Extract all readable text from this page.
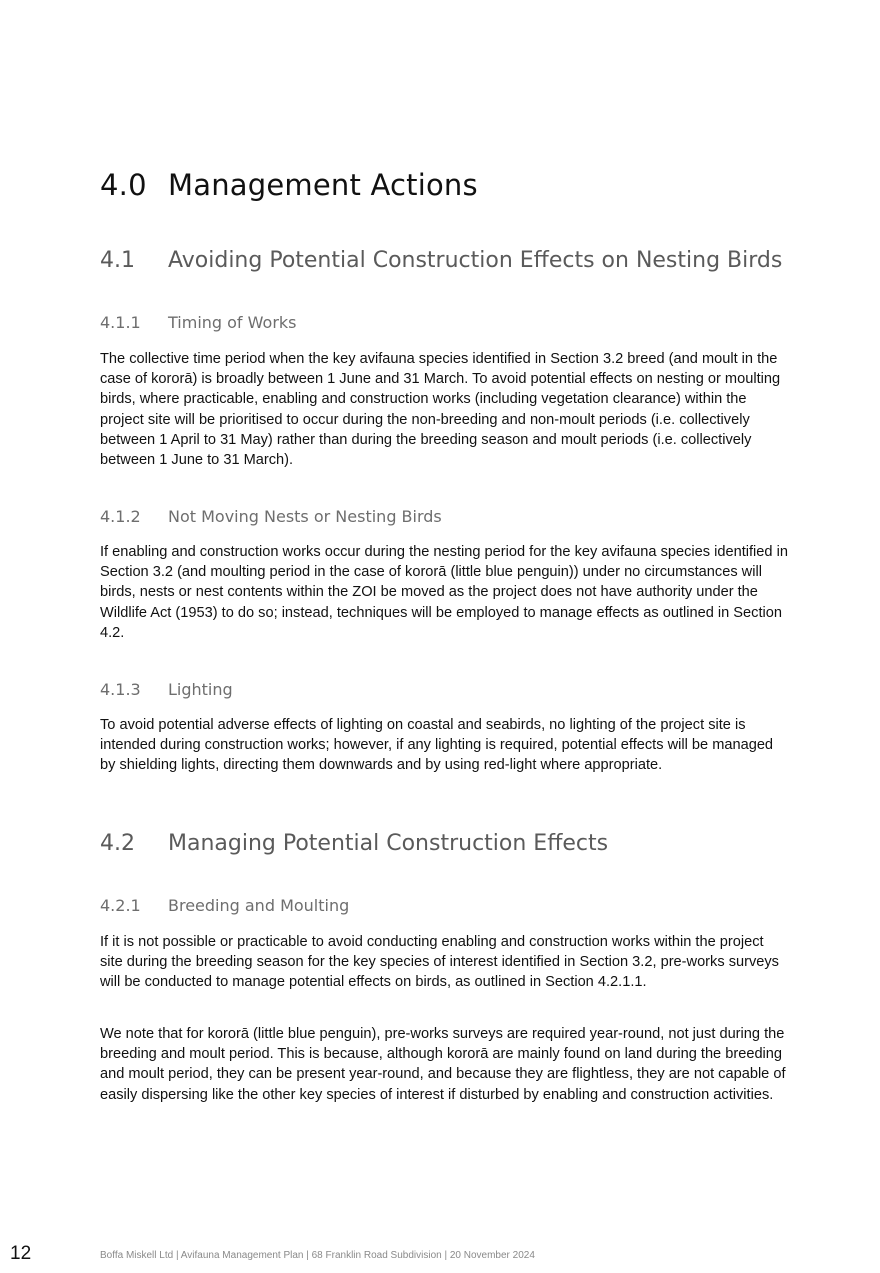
4.0 Management Actions
4.1 Avoiding Potential Construction Effects on Nesting Birds
4.1.1 Timing of Works

The collective time period when the key avifauna species identified in Section 3.2 breed (and moult in the case of kororā) is broadly between 1 June and 31 March. To avoid potential effects on nesting or moulting birds, where practicable, enabling and construction works (including vegetation clearance) within the project site will be prioritised to occur during the non-breeding and non-moult periods (i.e. collectively between 1 April to 31 May) rather than during the breeding season and moult periods (i.e. collectively between 1 June to 31 March).

4.1.2 Not Moving Nests or Nesting Birds

If enabling and construction works occur during the nesting period for the key avifauna species identified in Section 3.2 (and moulting period in the case of kororā (little blue penguin)) under no circumstances will birds, nests or nest contents within the ZOI be moved as the project does not have authority under the Wildlife Act (1953) to do so; instead, techniques will be employed to manage effects as outlined in Section 4.2.

4.1.3 Lighting

To avoid potential adverse effects of lighting on coastal and seabirds, no lighting of the project site is intended during construction works; however, if any lighting is required, potential effects will be managed by shielding lights, directing them downwards and by using red-light where appropriate.

4.2 Managing Potential Construction Effects
4.2.1 Breeding and Moulting

If it is not possible or practicable to avoid conducting enabling and construction works within the project site during the breeding season for the key species of interest identified in Section 3.2, pre-works surveys will be conducted to manage potential effects on birds, as outlined in Section 4.2.1.1.

We note that for kororā (little blue penguin), pre-works surveys are required year-round, not just during the breeding and moult period. This is because, although kororā are mainly found on land during the breeding and moult period, they can be present year-round, and because they are flightless, they are not capable of easily dispersing like the other key species of interest if disturbed by enabling and construction activities.

12	Boffa Miskell Ltd | Avifauna Management Plan | 68 Franklin Road Subdivision | 20 November 2024
